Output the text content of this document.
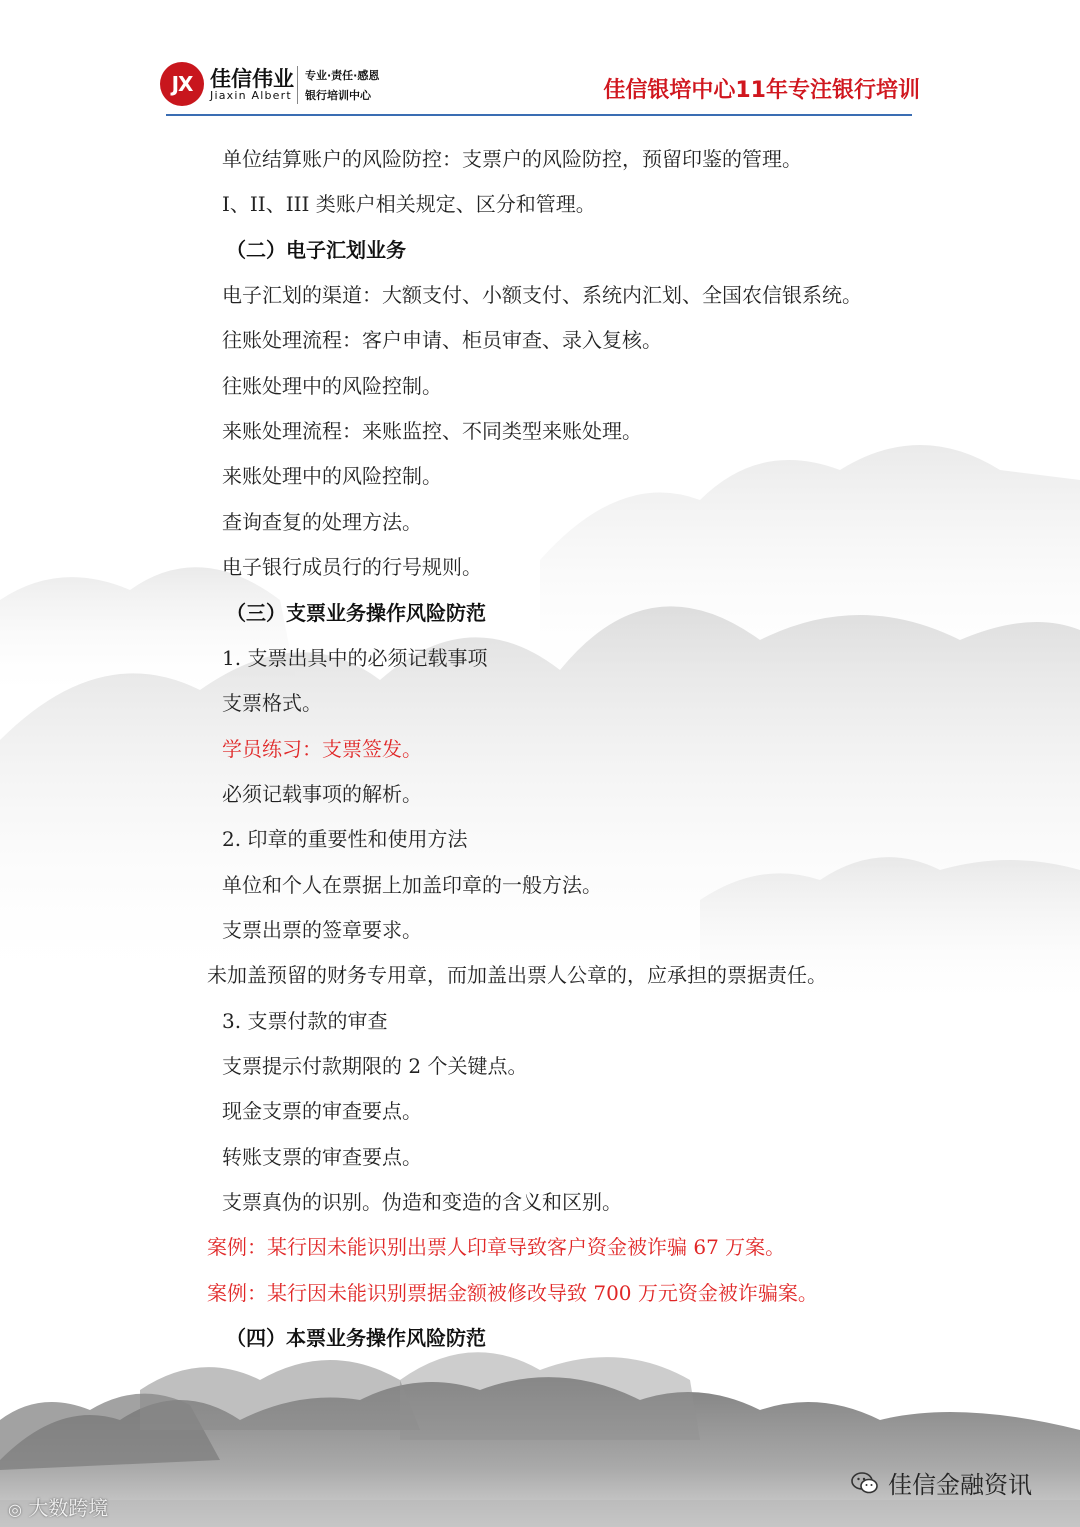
JX 佳信伟业
Jiaxin Albert
专业·责任·感恩
银行培训中心	佳信银培中心11年专注银行培训
单位结算账户的风险防控：支票户的风险防控，预留印鉴的管理。
I、II、III 类账户相关规定、区分和管理。
（二）电子汇划业务
电子汇划的渠道：大额支付、小额支付、系统内汇划、全国农信银系统。
往账处理流程：客户申请、柜员审查、录入复核。
往账处理中的风险控制。
来账处理流程：来账监控、不同类型来账处理。
来账处理中的风险控制。
查询查复的处理方法。
电子银行成员行的行号规则。
（三）支票业务操作风险防范
1. 支票出具中的必须记载事项
支票格式。
学员练习：支票签发。
必须记载事项的解析。
2. 印章的重要性和使用方法
单位和个人在票据上加盖印章的一般方法。
支票出票的签章要求。
未加盖预留的财务专用章，而加盖出票人公章的，应承担的票据责任。
3. 支票付款的审查
支票提示付款期限的 2 个关键点。
现金支票的审查要点。
转账支票的审查要点。
支票真伪的识别。伪造和变造的含义和区别。
案例：某行因未能识别出票人印章导致客户资金被诈骗 67 万案。
案例：某行因未能识别票据金额被修改导致 700 万元资金被诈骗案。
（四）本票业务操作风险防范
◎ 大数跨境
佳信金融资讯
